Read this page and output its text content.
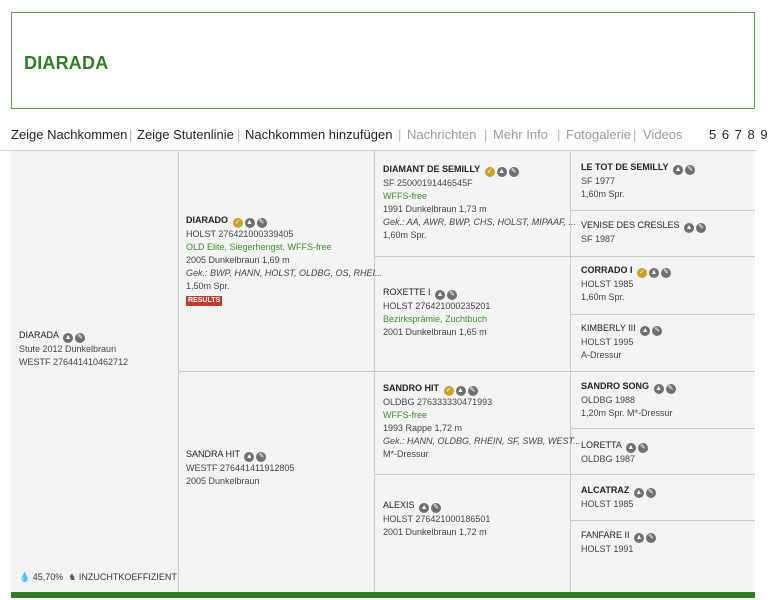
DIARADA
Zeige Nachkommen | Zeige Stutenlinie | Nachkommen hinzufügen | Nachrichten | Mehr Info | Fotogalerie | Videos 5 6 7 8 9
DIARADA ▲ ✎
Stute 2012 Dunkelbraun
WESTF 276441410462712
DIARADO ✓ ▲ ✎
HOLST 276421000339405
OLD Elite, Siegerhengst, WFFS-free
2005 Dunkelbraun 1,69 m
Gek.: BWP, HANN, HOLST, OLDBG, OS, RHEI...
1,50m Spr.
RESULTS
SANDRA HIT ▲ ✎
WESTF 276441411912805
2005 Dunkelbraun
DIAMANT DE SEMILLY ✓ ▲ ✎
SF 25000191446545F
WFFS-free
1991 Dunkelbraun 1,73 m
Gek.: AA, AWR, BWP, CHS, HOLST, MIPAAF, ...
1,60m Spr.
ROXETTE I ▲ ✎
HOLST 276421000235201
Bezirksprämie, Zuchtbuch
2001 Dunkelbraun 1,65 m
SANDRO HIT ✓ ▲ ✎
OLDBG 276333330471993
WFFS-free
1993 Rappe 1,72 m
Gek.: HANN, OLDBG, RHEIN, SF, SWB, WEST...
M*-Dressur
ALEXIS ▲ ✎
HOLST 276421000186501
2001 Dunkelbraun 1,72 m
LE TOT DE SEMILLY ▲ ✎
SF 1977
1,60m Spr.
VENISE DES CRESLES ▲ ✎
SF 1987
CORRADO I ✓ ▲ ✎
HOLST 1985
1,60m Spr.
KIMBERLY III ▲ ✎
HOLST 1995
A-Dressur
SANDRO SONG ▲ ✎
OLDBG 1988
1,20m Spr. M*-Dressur
LORETTA ▲ ✎
OLDBG 1987
ALCATRAZ ▲ ✎
HOLST 1985
FANFARE II ▲ ✎
HOLST 1991
💧 45,70% ♞ INZUCHTKOEFFIZIENT
